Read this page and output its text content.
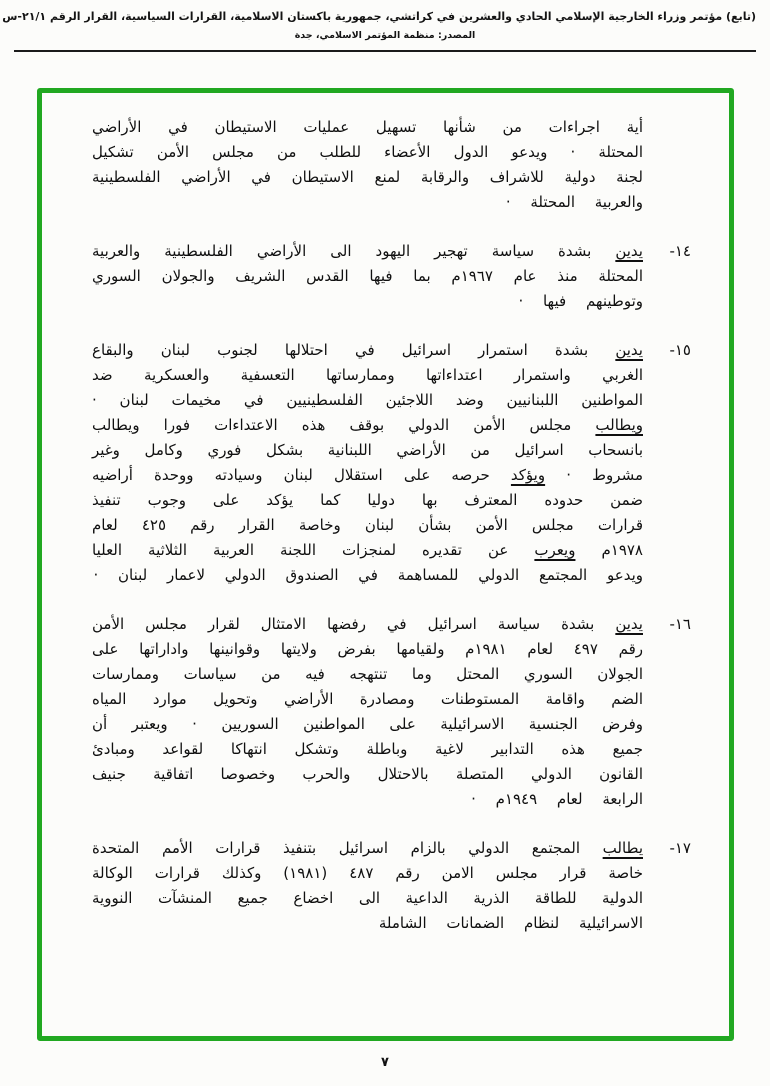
(تابع) مؤتمر وزراء الخارجية الإسلامي الحادي والعشرين في كراتشي، جمهورية باكستان الاسلامية، القرارات السياسية، القرار الرقم ٢١/١-س
المصدر: منظمة المؤتمر الاسلامي، جدة

أية اجراءات من شأنها تسهيل عمليات الاستيطان في الأراضي المحتلة · ويدعو الدول الأعضاء للطلب من مجلس الأمن تشكيل لجنة دولية للاشراف والرقابة لمنع الاستيطان في الأراضي الفلسطينية والعربية المحتلة ·

١٤-

يدين بشدة سياسة تهجير اليهود الى الأراضي الفلسطينية والعربية المحتلة منذ عام ١٩٦٧م بما فيها القدس الشريف والجولان السوري وتوطينهم فيها ·

١٥-

يدين بشدة استمرار اسرائيل في احتلالها لجنوب لبنان والبقاع الغربي واستمرار اعتداءاتها وممارساتها التعسفية والعسكرية ضد المواطنين اللبنانيين وضد اللاجئين الفلسطينيين في مخيمات لبنان · ويطالب مجلس الأمن الدولي بوقف هذه الاعتداءات فورا ويطالب بانسحاب اسرائيل من الأراضي اللبنانية بشكل فوري وكامل وغير مشروط · ويؤكد حرصه على استقلال لبنان وسيادته ووحدة أراضيه ضمن حدوده المعترف بها دوليا كما يؤكد على وجوب تنفيذ قرارات مجلس الأمن بشأن لبنان وخاصة القرار رقم ٤٢٥ لعام ١٩٧٨م ويعرب عن تقديره لمنجزات اللجنة العربية الثلاثية العليا ويدعو المجتمع الدولي للمساهمة في الصندوق الدولي لاعمار لبنان ·

١٦-

يدين بشدة سياسة اسرائيل في رفضها الامتثال لقرار مجلس الأمن رقم ٤٩٧ لعام ١٩٨١م ولقيامها بفرض ولايتها وقوانينها واداراتها على الجولان السوري المحتل وما تنتهجه فيه من سياسات وممارسات الضم واقامة المستوطنات ومصادرة الأراضي وتحويل موارد المياه وفرض الجنسية الاسرائيلية على المواطنين السوريين · ويعتبر أن جميع هذه التدابير لاغية وباطلة وتشكل انتهاكا لقواعد ومبادئ القانون الدولي المتصلة بالاحتلال والحرب وخصوصا اتفاقية جنيف الرابعة لعام ١٩٤٩م ·

١٧-

يطالب المجتمع الدولي بالزام اسرائيل بتنفيذ قرارات الأمم المتحدة خاصة قرار مجلس الامن رقم ٤٨٧ (١٩٨١) وكذلك قرارات الوكالة الدولية للطاقة الذرية الداعية الى اخضاع جميع المنشآت النووية الاسرائيلية لنظام الضمانات الشاملة

٧
